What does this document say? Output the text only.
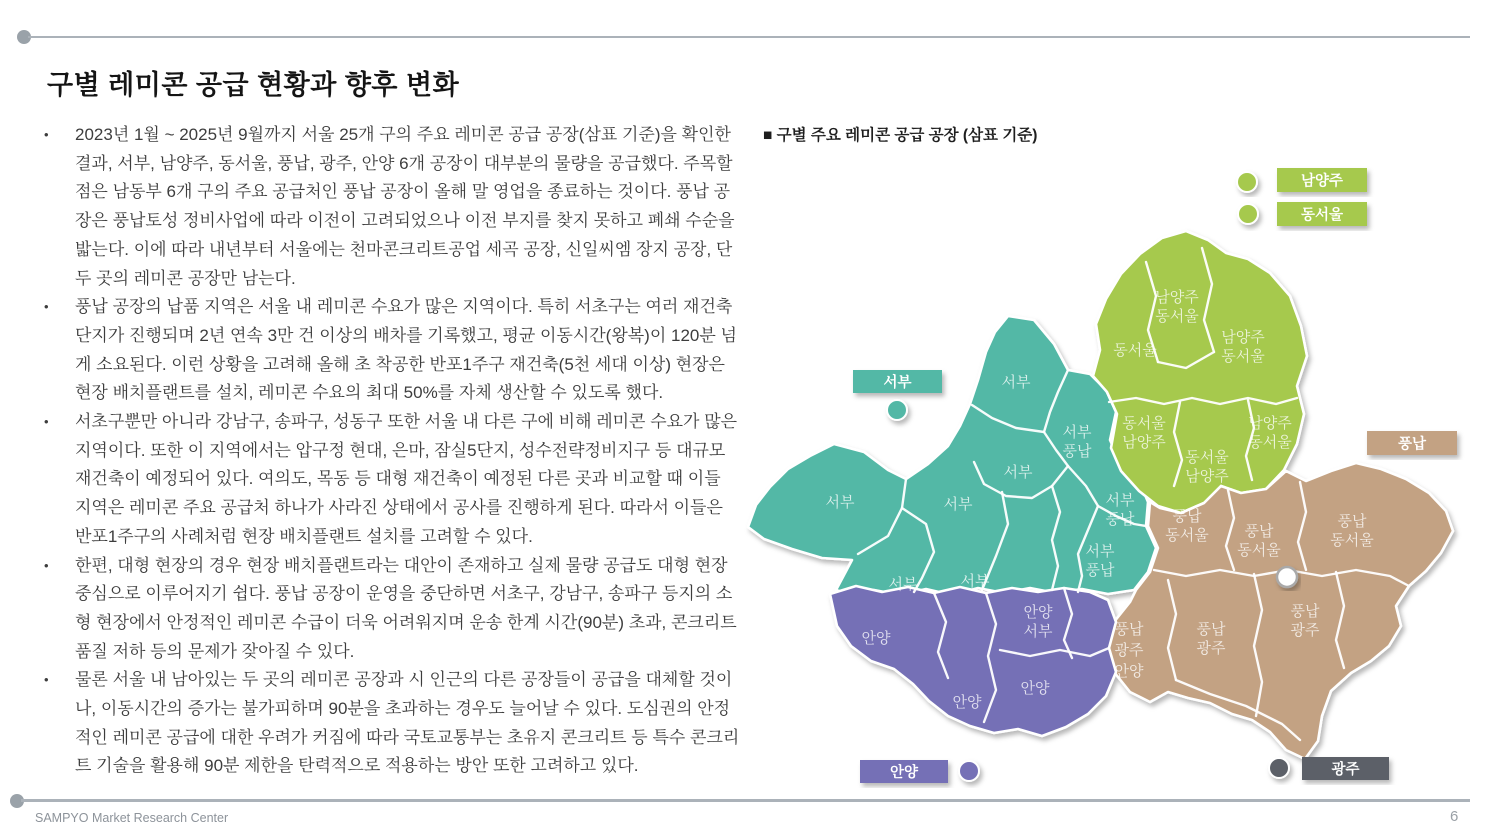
구별 레미콘 공급 현황과 향후 변화
•	2023년 1월 ~ 2025년 9월까지 서울 25개 구의 주요 레미콘 공급 공장(삼표 기준)을 확인한 결과, 서부, 남양주, 동서울, 풍납, 광주, 안양 6개 공장이 대부분의 물량을 공급했다. 주목할 점은 남동부 6개 구의 주요 공급처인 풍납 공장이 올해 말 영업을 종료하는 것이다. 풍납 공장은 풍납토성 정비사업에 따라 이전이 고려되었으나 이전 부지를 찾지 못하고 폐쇄 수순을 밟는다. 이에 따라 내년부터 서울에는 천마콘크리트공업 세곡 공장, 신일씨엠 장지 공장, 단 두 곳의 레미콘 공장만 남는다.
•	풍납 공장의 납품 지역은 서울 내 레미콘 수요가 많은 지역이다. 특히 서초구는 여러 재건축 단지가 진행되며 2년 연속 3만 건 이상의 배차를 기록했고, 평균 이동시간(왕복)이 120분 넘게 소요된다. 이런 상황을 고려해 올해 초 착공한 반포1주구 재건축(5천 세대 이상) 현장은 현장 배치플랜트를 설치, 레미콘 수요의 최대 50%를 자체 생산할 수 있도록 했다.
•	서초구뿐만 아니라 강남구, 송파구, 성동구 또한 서울 내 다른 구에 비해 레미콘 수요가 많은 지역이다. 또한 이 지역에서는 압구정 현대, 은마, 잠실5단지, 성수전략정비지구 등 대규모 재건축이 예정되어 있다. 여의도, 목동 등 대형 재건축이 예정된 다른 곳과 비교할 때 이들 지역은 레미콘 주요 공급처 하나가 사라진 상태에서 공사를 진행하게 된다. 따라서 이들은 반포1주구의 사례처럼 현장 배치플랜트 설치를 고려할 수 있다.
•	한편, 대형 현장의 경우 현장 배치플랜트라는 대안이 존재하고 실제 물량 공급도 대형 현장 중심으로 이루어지기 쉽다. 풍납 공장이 운영을 중단하면 서초구, 강남구, 송파구 등지의 소형 현장에서 안정적인 레미콘 수급이 더욱 어려워지며 운송 한계 시간(90분) 초과, 콘크리트 품질 저하 등의 문제가 잦아질 수 있다.
•	물론 서울 내 남아있는 두 곳의 레미콘 공장과 시 인근의 다른 공장들이 공급을 대체할 것이나, 이동시간의 증가는 불가피하며 90분을 초과하는 경우도 늘어날 수 있다. 도심권의 안정적인 레미콘 공급에 대한 우려가 커짐에 따라 국토교통부는 초유지 콘크리트 등 특수 콘크리트 기술을 활용해 90분 제한을 탄력적으로 적용하는 방안 또한 고려하고 있다.
■ 구별 주요 레미콘 공급 공장 (삼표 기준)
서부
서부 풍납
서부
서부	서부
서부	서부
서부 풍납
서부 풍납
남양주 동서울
동서울
남양주 동서울
동서울 남양주
동서울 남양주
남양주 동서울
풍납 동서울	풍납 동서울
풍납 동서울
풍납 광주 안양
풍납 광주
풍납 광주
안양
안양 서부
안양
안양
남양주
동서울
서부
풍납
안양	광주
SAMPYO Market Research Center	6
